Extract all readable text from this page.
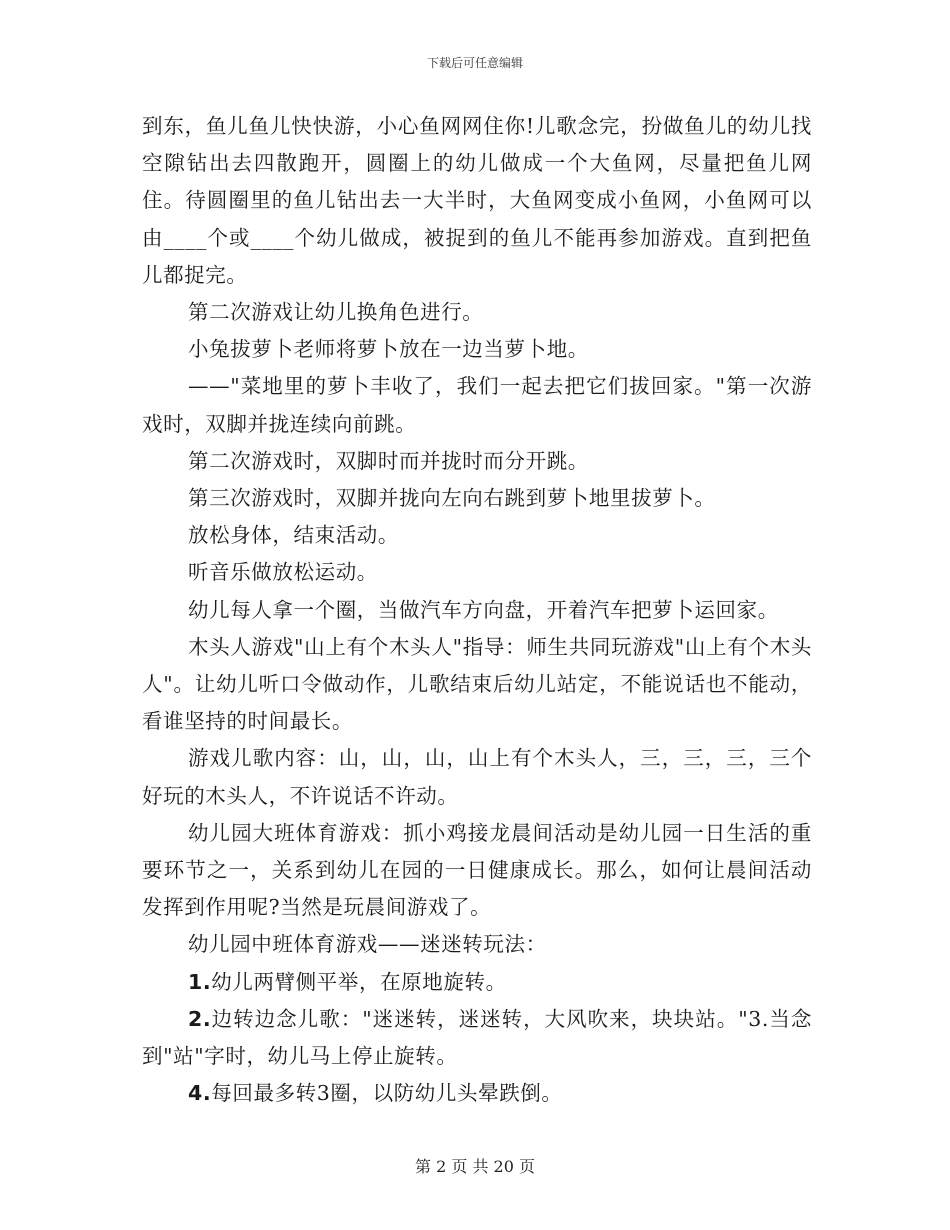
下载后可任意编辑

到东，鱼儿鱼儿快快游，小心鱼网网住你!儿歌念完，扮做鱼儿的幼儿找空隙钻出去四散跑开，圆圈上的幼儿做成一个大鱼网，尽量把鱼儿网住。待圆圈里的鱼儿钻出去一大半时，大鱼网变成小鱼网，小鱼网可以由____个或____个幼儿做成，被捉到的鱼儿不能再参加游戏。直到把鱼儿都捉完。

第二次游戏让幼儿换角色进行。

小兔拔萝卜老师将萝卜放在一边当萝卜地。

——"菜地里的萝卜丰收了，我们一起去把它们拔回家。"第一次游戏时，双脚并拢连续向前跳。

第二次游戏时，双脚时而并拢时而分开跳。

第三次游戏时，双脚并拢向左向右跳到萝卜地里拔萝卜。

放松身体，结束活动。

听音乐做放松运动。

幼儿每人拿一个圈，当做汽车方向盘，开着汽车把萝卜运回家。

木头人游戏"山上有个木头人"指导：师生共同玩游戏"山上有个木头人"。让幼儿听口令做动作，儿歌结束后幼儿站定，不能说话也不能动，看谁坚持的时间最长。

游戏儿歌内容：山，山，山，山上有个木头人，三，三，三，三个好玩的木头人，不许说话不许动。

幼儿园大班体育游戏：抓小鸡接龙晨间活动是幼儿园一日生活的重要环节之一，关系到幼儿在园的一日健康成长。那么，如何让晨间活动发挥到作用呢?当然是玩晨间游戏了。

幼儿园中班体育游戏——迷迷转玩法：

1.幼儿两臂侧平举，在原地旋转。

2.边转边念儿歌："迷迷转，迷迷转，大风吹来，块块站。"3.当念到"站"字时，幼儿马上停止旋转。

4.每回最多转3圈，以防幼儿头晕跌倒。

第 2 页 共 20 页
